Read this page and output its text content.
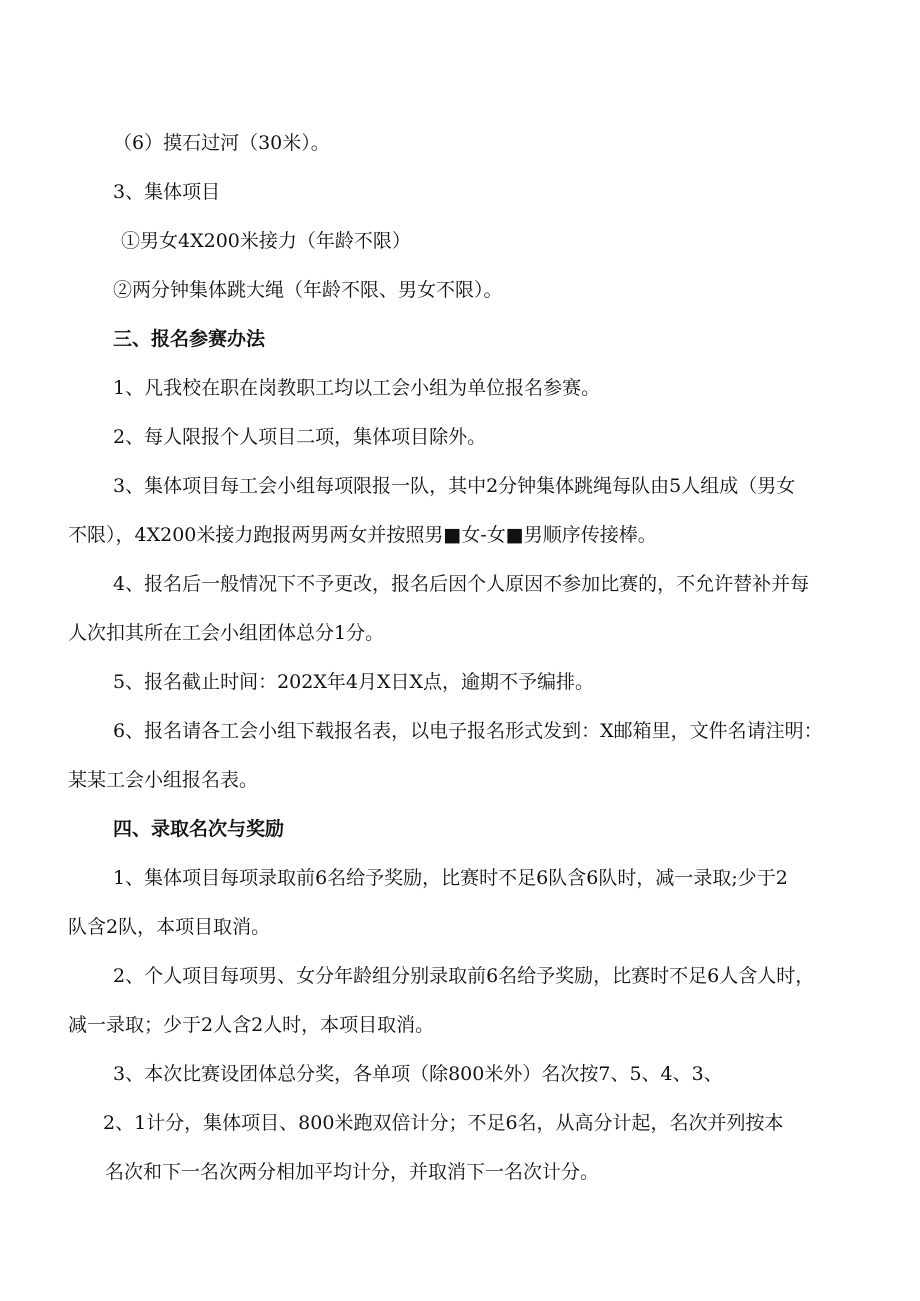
（6）摸石过河（30米）。

3、集体项目

①男女4X200米接力（年龄不限）

②两分钟集体跳大绳（年龄不限、男女不限）。

三、报名参赛办法

1、凡我校在职在岗教职工均以工会小组为单位报名参赛。

2、每人限报个人项目二项，集体项目除外。

3、集体项目每工会小组每项限报一队，其中2分钟集体跳绳每队由5人组成（男女

不限），4X200米接力跑报两男两女并按照男■女-女■男顺序传接棒。

4、报名后一般情况下不予更改，报名后因个人原因不参加比赛的，不允许替补并每

人次扣其所在工会小组团体总分1分。

5、报名截止时间：202X年4月X日X点，逾期不予编排。

6、报名请各工会小组下载报名表，以电子报名形式发到：X邮箱里，文件名请注明：

某某工会小组报名表。

四、录取名次与奖励

1、集体项目每项录取前6名给予奖励，比赛时不足6队含6队时，减一录取;少于2

队含2队，本项目取消。

2、个人项目每项男、女分年龄组分别录取前6名给予奖励，比赛时不足6人含人时，

减一录取；少于2人含2人时，本项目取消。

3、本次比赛设团体总分奖，各单项（除800米外）名次按7、5、4、3、

2、1计分，集体项目、800米跑双倍计分；不足6名，从高分计起，名次并列按本

名次和下一名次两分相加平均计分，并取消下一名次计分。
